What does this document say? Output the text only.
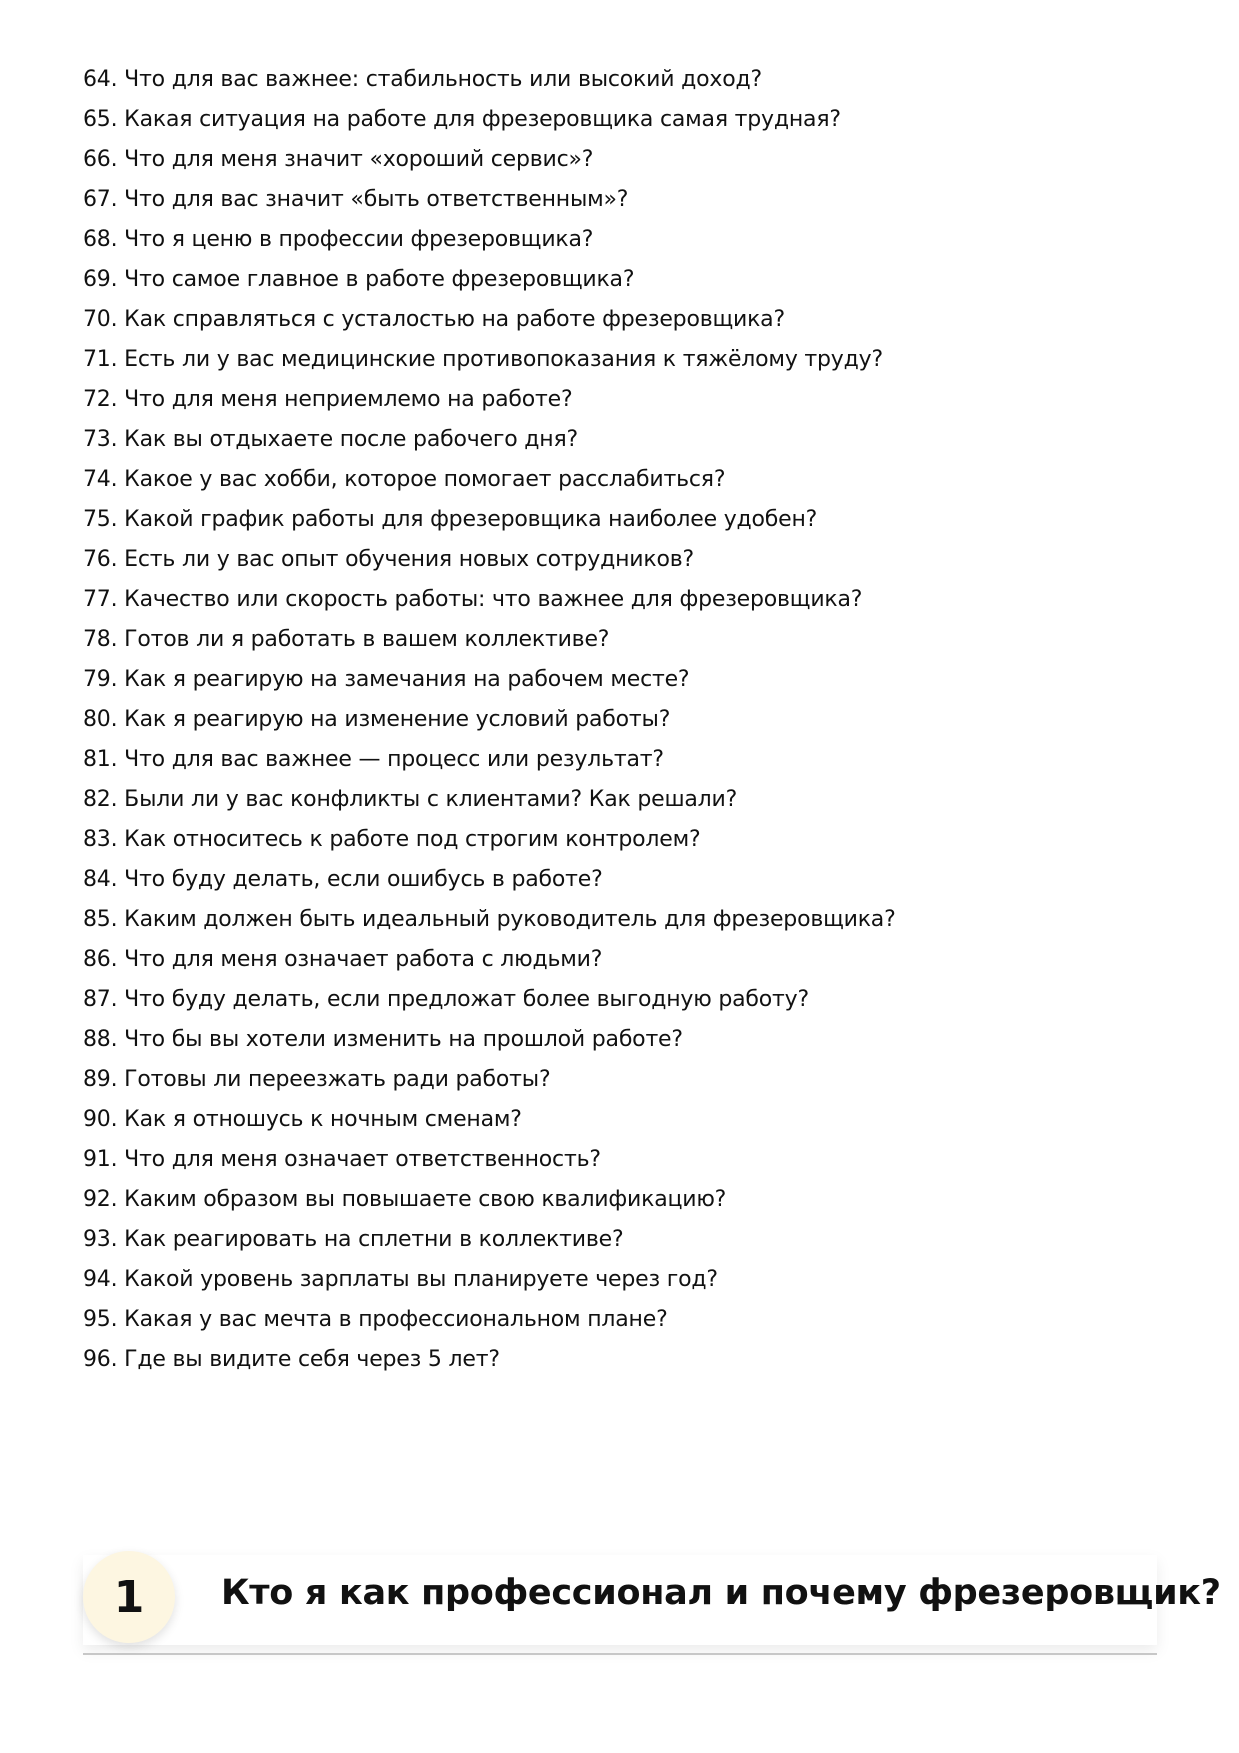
64. Что для вас важнее: стабильность или высокий доход?
65. Какая ситуация на работе для фрезеровщика самая трудная?
66. Что для меня значит «хороший сервис»?
67. Что для вас значит «быть ответственным»?
68. Что я ценю в профессии фрезеровщика?
69. Что самое главное в работе фрезеровщика?
70. Как справляться с усталостью на работе фрезеровщика?
71. Есть ли у вас медицинские противопоказания к тяжёлому труду?
72. Что для меня неприемлемо на работе?
73. Как вы отдыхаете после рабочего дня?
74. Какое у вас хобби, которое помогает расслабиться?
75. Какой график работы для фрезеровщика наиболее удобен?
76. Есть ли у вас опыт обучения новых сотрудников?
77. Качество или скорость работы: что важнее для фрезеровщика?
78. Готов ли я работать в вашем коллективе?
79. Как я реагирую на замечания на рабочем месте?
80. Как я реагирую на изменение условий работы?
81. Что для вас важнее — процесс или результат?
82. Были ли у вас конфликты с клиентами? Как решали?
83. Как относитесь к работе под строгим контролем?
84. Что буду делать, если ошибусь в работе?
85. Каким должен быть идеальный руководитель для фрезеровщика?
86. Что для меня означает работа с людьми?
87. Что буду делать, если предложат более выгодную работу?
88. Что бы вы хотели изменить на прошлой работе?
89. Готовы ли переезжать ради работы?
90. Как я отношусь к ночным сменам?
91. Что для меня означает ответственность?
92. Каким образом вы повышаете свою квалификацию?
93. Как реагировать на сплетни в коллективе?
94. Какой уровень зарплаты вы планируете через год?
95. Какая у вас мечта в профессиональном плане?
96. Где вы видите себя через 5 лет?
1	Кто я как профессионал и почему фрезеровщик?
